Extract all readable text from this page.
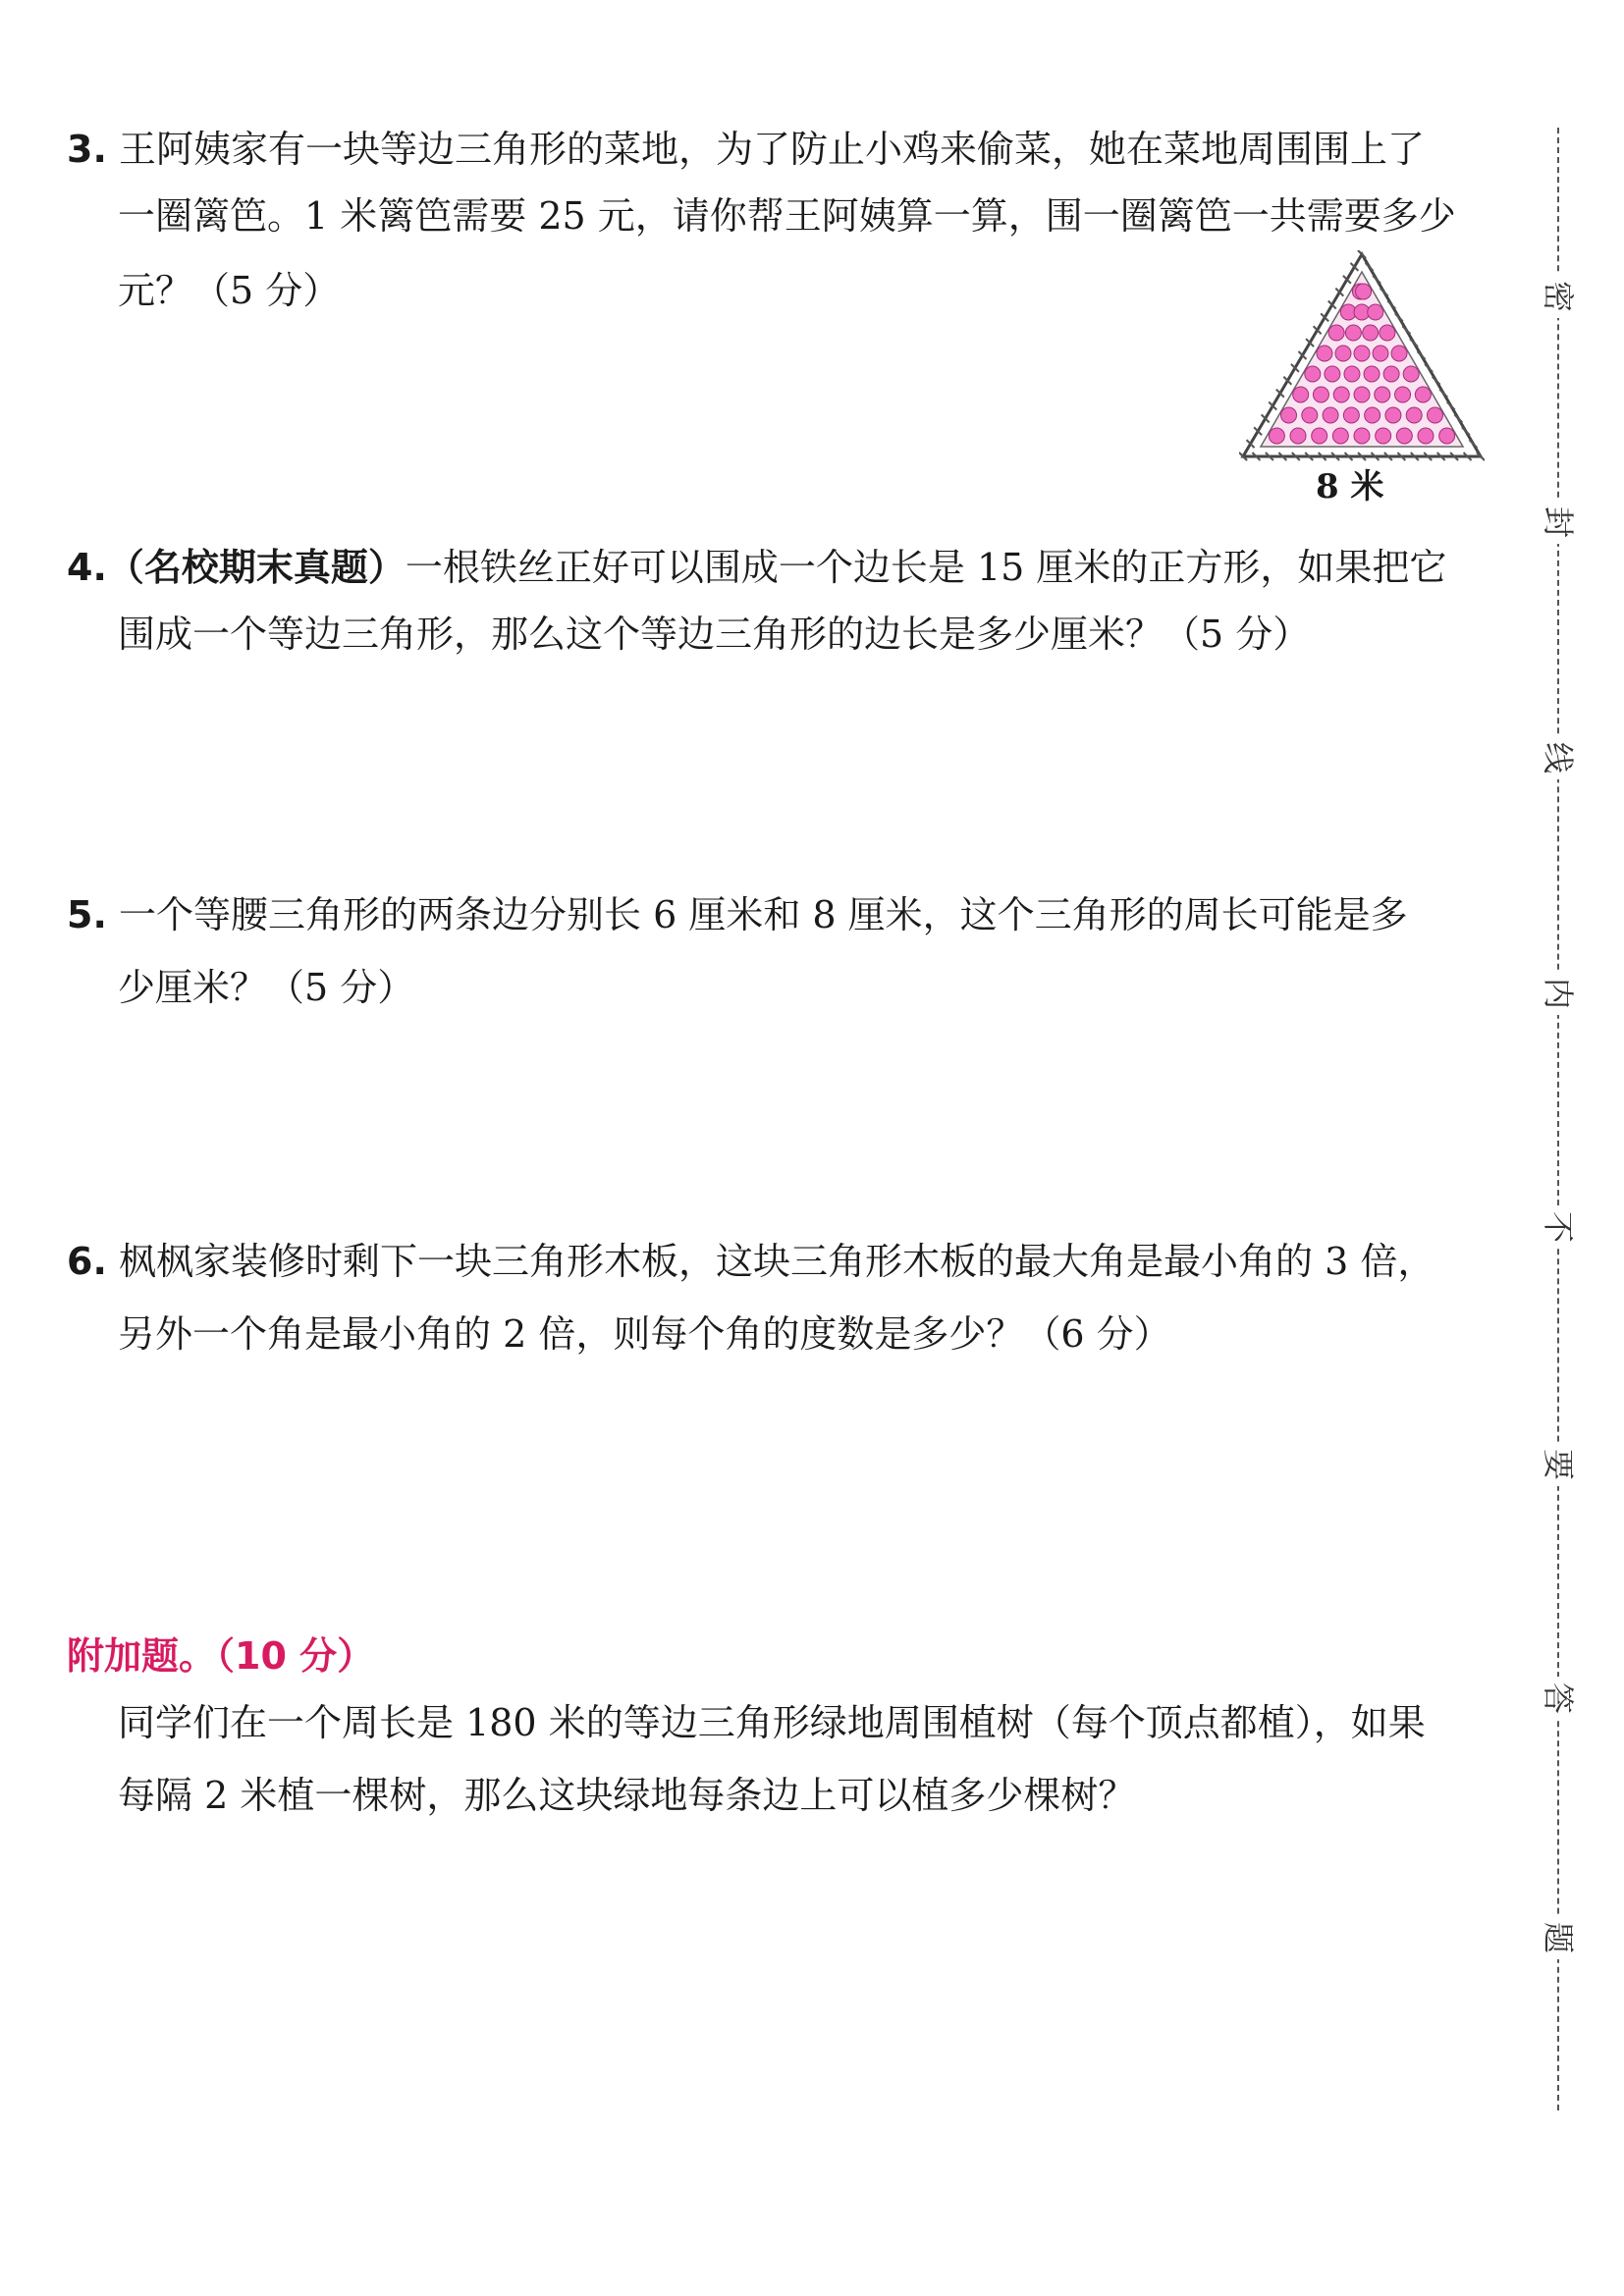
3. 王阿姨家有一块等边三角形的菜地，为了防止小鸡来偷菜，她在菜地周围围上了
一圈篱笆。1 米篱笆需要 25 元，请你帮王阿姨算一算，围一圈篱笆一共需要多少
元？（5 分）
8 米
4.（名校期末真题）一根铁丝正好可以围成一个边长是 15 厘米的正方形，如果把它
围成一个等边三角形，那么这个等边三角形的边长是多少厘米？（5 分）
5. 一个等腰三角形的两条边分别长 6 厘米和 8 厘米，这个三角形的周长可能是多
少厘米？（5 分）
6. 枫枫家装修时剩下一块三角形木板，这块三角形木板的最大角是最小角的 3 倍，
另外一个角是最小角的 2 倍，则每个角的度数是多少？（6 分）
附加题。（10 分）
同学们在一个周长是 180 米的等边三角形绿地周围植树（每个顶点都植），如果
每隔 2 米植一棵树，那么这块绿地每条边上可以植多少棵树？
密
封
线
内
不
要
答
题
